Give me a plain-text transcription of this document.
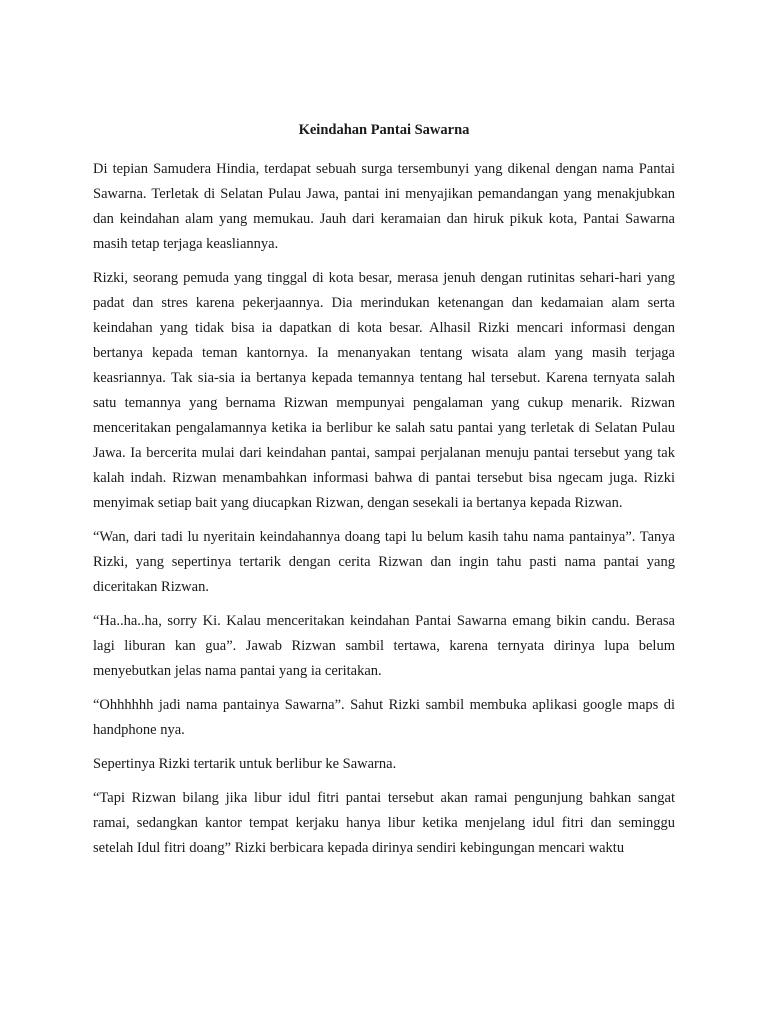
Keindahan Pantai Sawarna

Di tepian Samudera Hindia, terdapat sebuah surga tersembunyi yang dikenal dengan nama Pantai Sawarna. Terletak di Selatan Pulau Jawa, pantai ini menyajikan pemandangan yang menakjubkan dan keindahan alam yang memukau. Jauh dari keramaian dan hiruk pikuk kota, Pantai Sawarna masih tetap terjaga keasliannya.

Rizki, seorang pemuda yang tinggal di kota besar, merasa jenuh dengan rutinitas sehari-hari yang padat dan stres karena pekerjaannya. Dia merindukan ketenangan dan kedamaian alam serta keindahan yang tidak bisa ia dapatkan di kota besar. Alhasil Rizki mencari informasi dengan bertanya kepada teman kantornya. Ia menanyakan tentang wisata alam yang masih terjaga keasriannya. Tak sia-sia ia bertanya kepada temannya tentang hal tersebut. Karena ternyata salah satu temannya yang bernama Rizwan mempunyai pengalaman yang cukup menarik. Rizwan menceritakan pengalamannya ketika ia berlibur ke salah satu pantai yang terletak di Selatan Pulau Jawa. Ia bercerita mulai dari keindahan pantai, sampai perjalanan menuju pantai tersebut yang tak kalah indah. Rizwan menambahkan informasi bahwa di pantai tersebut bisa ngecam juga. Rizki menyimak setiap bait yang diucapkan Rizwan, dengan sesekali ia bertanya kepada Rizwan.

“Wan, dari tadi lu nyeritain keindahannya doang tapi lu belum kasih tahu nama pantainya”. Tanya Rizki, yang sepertinya tertarik dengan cerita Rizwan dan ingin tahu pasti nama pantai yang diceritakan Rizwan.

“Ha..ha..ha, sorry Ki. Kalau menceritakan keindahan Pantai Sawarna emang bikin candu. Berasa lagi liburan kan gua”. Jawab Rizwan sambil tertawa, karena ternyata dirinya lupa belum menyebutkan jelas nama pantai yang ia ceritakan.

“Ohhhhhh jadi nama pantainya Sawarna”. Sahut Rizki sambil membuka aplikasi google maps di handphone nya.

Sepertinya Rizki tertarik untuk berlibur ke Sawarna.

“Tapi Rizwan bilang jika libur idul fitri pantai tersebut akan ramai pengunjung bahkan sangat ramai, sedangkan kantor tempat kerjaku hanya libur ketika menjelang idul fitri dan seminggu setelah Idul fitri doang” Rizki berbicara kepada dirinya sendiri kebingungan mencari waktu
